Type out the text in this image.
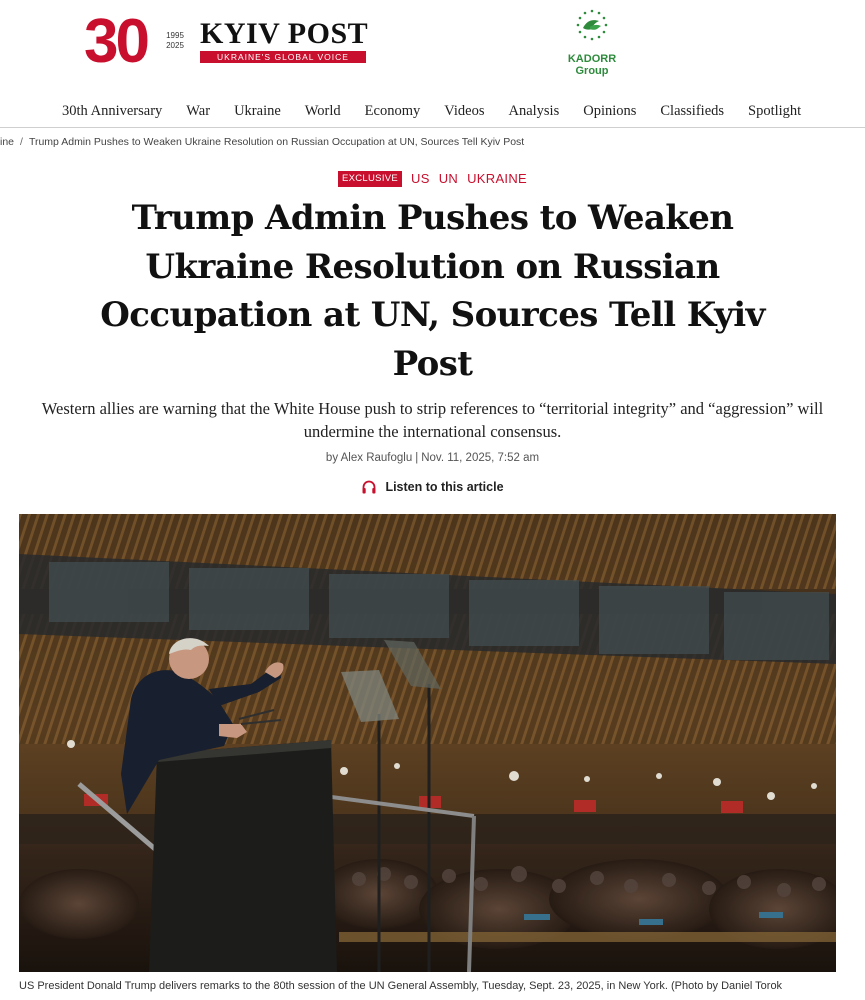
30	1995
2025 KYIV POST
UKRAINE'S GLOBAL VOICE	KADORR
Group
30th Anniversary War Ukraine World Economy Videos Analysis Opinions Classifieds Spotlight
ine / Trump Admin Pushes to Weaken Ukraine Resolution on Russian Occupation at UN, Sources Tell Kyiv Post
EXCLUSIVE	US UN UKRAINE
Trump Admin Pushes to Weaken Ukraine Resolution on Russian Occupation at UN, Sources Tell Kyiv Post

Western allies are warning that the White House push to strip references to “territorial integrity” and “aggression” will undermine the international consensus.

by Alex Raufoglu | Nov. 11, 2025, 7:52 am
Listen to this article
US President Donald Trump delivers remarks to the 80th session of the UN General Assembly, Tuesday, Sept. 23, 2025, in New York. (Photo by Daniel Torok
